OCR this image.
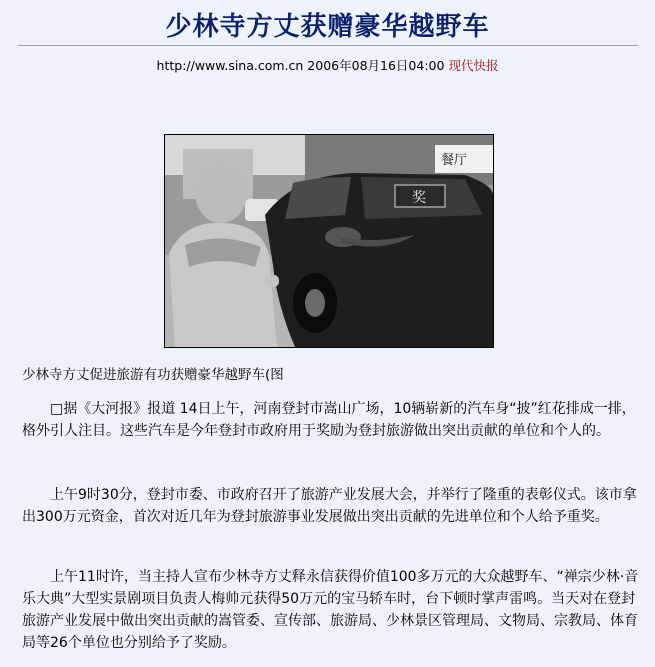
少林寺方丈获赠豪华越野车
http://www.sina.com.cn 2006年08月16日04:00 现代快报
餐厅
奖
少林寺方丈促进旅游有功获赠豪华越野车(图

□据《大河报》报道 14日上午，河南登封市嵩山广场，10辆崭新的汽车身“披”红花排成一排，格外引人注目。这些汽车是今年登封市政府用于奖励为登封旅游做出突出贡献的单位和个人的。

上午9时30分，登封市委、市政府召开了旅游产业发展大会，并举行了隆重的表彰仪式。该市拿出300万元资金，首次对近几年为登封旅游事业发展做出突出贡献的先进单位和个人给予重奖。

上午11时许，当主持人宣布少林寺方丈释永信获得价值100多万元的大众越野车、“禅宗少林·音乐大典”大型实景剧项目负责人梅帅元获得50万元的宝马轿车时，台下顿时掌声雷鸣。当天对在登封旅游产业发展中做出突出贡献的嵩管委、宣传部、旅游局、少林景区管理局、文物局、宗教局、体育局等26个单位也分别给予了奖励。
